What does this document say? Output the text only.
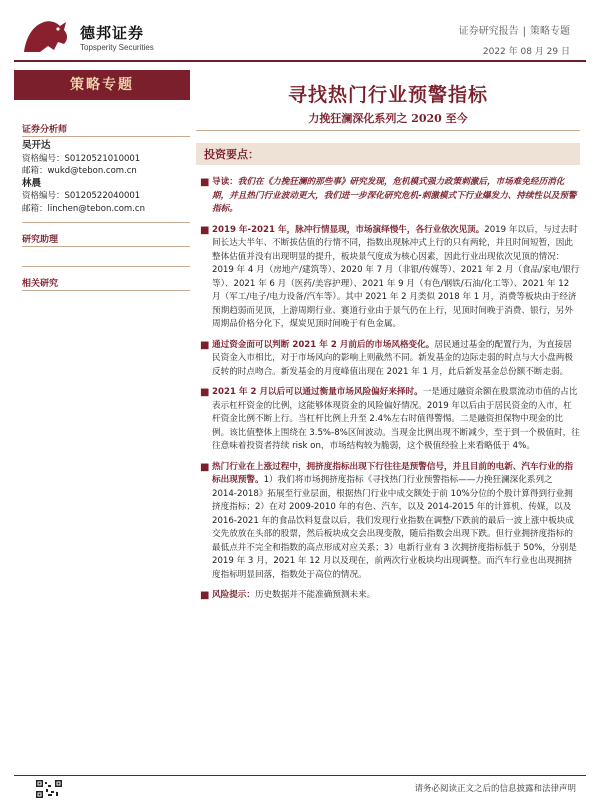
德邦证券
Topsperity Securities
证券研究报告 | 策略专题
2022 年 08 月 29 日
策略专题
证券分析师
吴开达
资格编号：S0120521010001
邮箱：wukd@tebon.com.cn
林晨
资格编号：S0120522040001
邮箱：linchen@tebon.com.cn
研究助理
相关研究
寻找热门行业预警指标
力挽狂澜深化系列之 2020 至今
投资要点：
■ 导读：我们在《力挽狂澜的那些事》研究发现，危机模式强力政策刺激后，市场难免经历消化期，并且热门行业波动更大，我们进一步深化研究危机-刺激模式下行业爆发力、持续性以及预警指标。
■ 2019 年-2021 年，脉冲行情显现，市场演绎慢牛，各行业依次见顶。2019 年以后，与过去时间长达大半年、不断拔估值的行情不同，指数出现脉冲式上行的只有两轮，并且时间短暂，因此整体估值并没有出现明显的提升，板块景气度成为核心因素，因此行业出现依次见顶的情况：2019 年 4 月（房地产/建筑等）、2020 年 7 月（非银/传媒等）、2021 年 2 月（食品/家电/银行等）、2021 年 6 月（医药/美容护理）、2021 年 9 月（有色/钢铁/石油/化工等）、2021 年 12 月（军工/电子/电力设备/汽车等）。其中 2021 年 2 月类似 2018 年 1 月，消费等板块由于经济预期趋弱而见顶，上游周期行业、赛道行业由于景气仍在上行，见顶时间晚于消费、银行，另外周期品价格分化下，煤炭见顶时间晚于有色金属。
■ 通过资金面可以判断 2021 年 2 月前后的市场风格变化。居民通过基金的配置行为，为直接居民资金入市相比，对于市场风向的影响上则截然不同。新发基金的边际走弱的时点与大小盘两极反转的时点吻合。新发基金的月度峰值出现在 2021 年 1 月，此后新发基金总份额不断走弱。
■ 2021 年 2 月以后可以通过衡量市场风险偏好来择时。一是通过融资余额在股票流动市值的占比表示杠杆资金的比例，这能够体现资金的风险偏好情况。2019 年以后由于居民资金的入市，杠杆资金比例不断上行。当杠杆比例上升至 2.4%左右时值得警惕。二是融资担保物中现金的比例。该比值整体上围绕在 3.5%-8%区间波动。当现金比例出现不断减少，至于到一个极值时，往往意味着投资者持续 risk on，市场结构较为脆弱，这个极值经验上来看略低于 4%。
■ 热门行业在上涨过程中，拥挤度指标出现下行往往是预警信号，并且目前的电新、汽车行业的指标出现预警。1）我们将市场拥挤度指标《寻找热门行业预警指标——力挽狂澜深化系列之 2014-2018》拓展至行业层面，根据热门行业中成交额处于前 10%分位的个股计算得到行业拥挤度指标；2）在对 2009-2010 年的有色、汽车，以及 2014-2015 年的计算机、传媒，以及 2016-2021 年的食品饮料复盘以后，我们发现行业指数在调整/下跌前的最后一波上涨中板块成交先放放在头部的股票，然后板块成交会出现变散，随后指数会出现下跌。但行业拥挤度指标的最低点并不完全和指数的高点形成对应关系；3）电新行业有 3 次拥挤度指标低于 50%，分别是 2019 年 3 月，2021 年 12 月以及现在，前两次行业板块均出现调整。而汽车行业也出现拥挤度指标明显回落，指数处于高位的情况。
■ 风险提示：历史数据并不能准确预测未来。
请务必阅读正文之后的信息披露和法律声明
